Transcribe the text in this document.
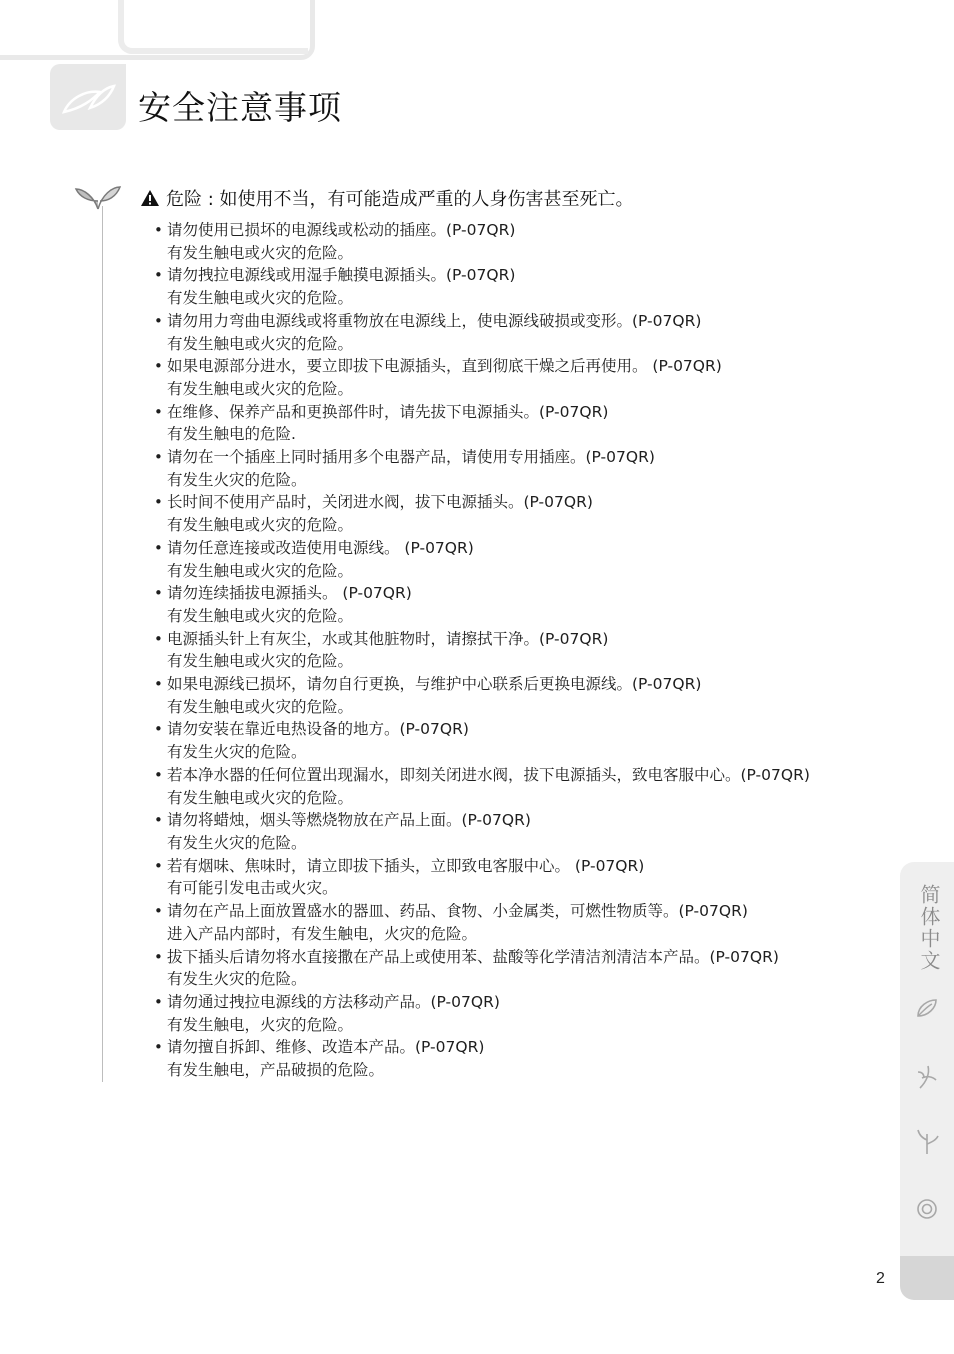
安全注意事项
危险 : 如使用不当，有可能造成严重的人身伤害甚至死亡。
• 请勿使用已损坏的电源线或松动的插座。(P-07QR)
有发生触电或火灾的危险。
• 请勿拽拉电源线或用湿手触摸电源插头。(P-07QR)
有发生触电或火灾的危险。
• 请勿用力弯曲电源线或将重物放在电源线上，使电源线破损或变形。(P-07QR)
有发生触电或火灾的危险。
• 如果电源部分进水，要立即拔下电源插头，直到彻底干燥之后再使用。 (P-07QR)
有发生触电或火灾的危险。
• 在维修、保养产品和更换部件时，请先拔下电源插头。(P-07QR)
有发生触电的危险.
• 请勿在一个插座上同时插用多个电器产品，请使用专用插座。(P-07QR)
有发生火灾的危险。
• 长时间不使用产品时，关闭进水阀，拔下电源插头。(P-07QR)
有发生触电或火灾的危险。
• 请勿任意连接或改造使用电源线。 (P-07QR)
有发生触电或火灾的危险。
• 请勿连续插拔电源插头。 (P-07QR)
有发生触电或火灾的危险。
• 电源插头针上有灰尘，水或其他脏物时，请擦拭干净。(P-07QR)
有发生触电或火灾的危险。
• 如果电源线已损坏，请勿自行更换，与维护中心联系后更换电源线。(P-07QR)
有发生触电或火灾的危险。
• 请勿安装在靠近电热设备的地方。(P-07QR)
有发生火灾的危险。
• 若本净水器的任何位置出现漏水，即刻关闭进水阀，拔下电源插头，致电客服中心。(P-07QR)
有发生触电或火灾的危险。
• 请勿将蜡烛，烟头等燃烧物放在产品上面。(P-07QR)
有发生火灾的危险。
• 若有烟味、焦味时，请立即拔下插头，立即致电客服中心。 (P-07QR)
有可能引发电击或火灾。
• 请勿在产品上面放置盛水的器皿、药品、食物、小金属类，可燃性物质等。(P-07QR)
进入产品内部时，有发生触电，火灾的危险。
• 拔下插头后请勿将水直接撒在产品上或使用苯、盐酸等化学清洁剂清洁本产品。(P-07QR)
有发生火灾的危险。
• 请勿通过拽拉电源线的方法移动产品。(P-07QR)
有发生触电，火灾的危险。
• 请勿擅自拆卸、维修、改造本产品。(P-07QR)
有发生触电，产品破损的危险。
简体中文
2
